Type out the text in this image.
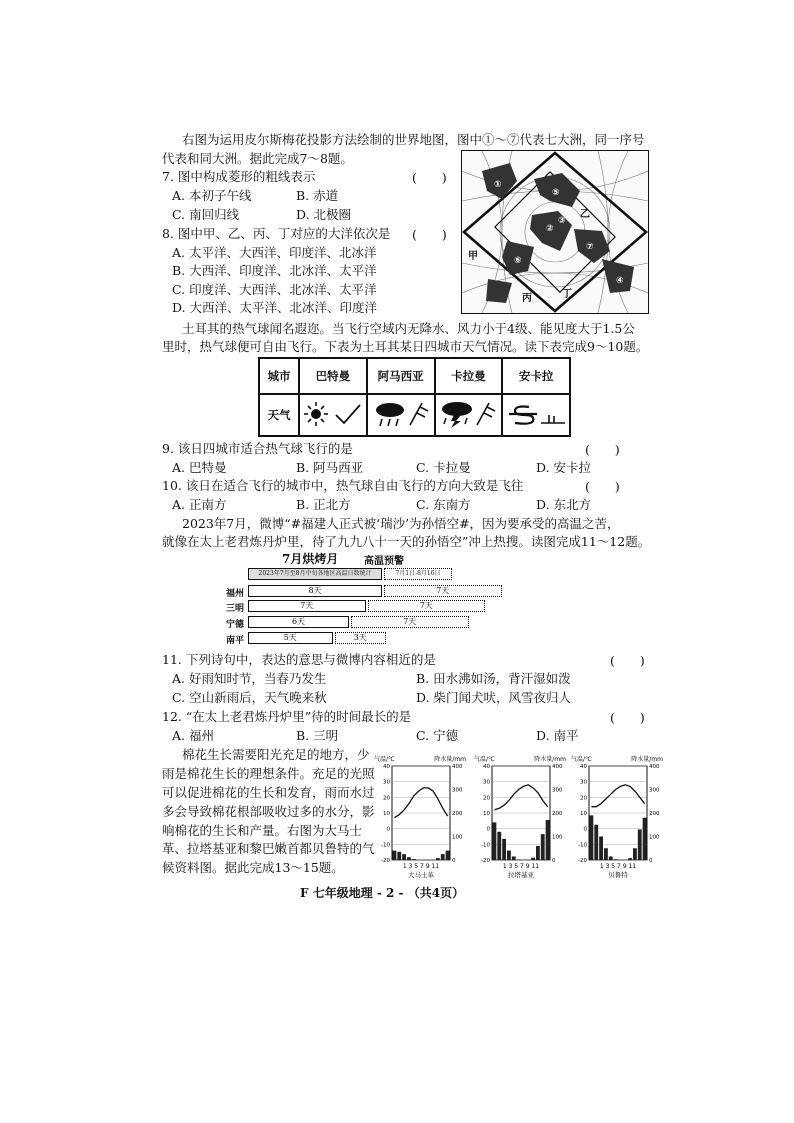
右图为运用皮尔斯梅花投影方法绘制的世界地图，图中①～⑦代表七大洲，同一序号
代表和同大洲。据此完成7～8题。
7. 图中构成菱形的粗线表示	(　　)
A. 本初子午线	B. 赤道
C. 南回归线	D. 北极圈
8. 图中甲、乙、丙、丁对应的大洋依次是 (　　)
A. 太平洋、大西洋、印度洋、北冰洋
B. 大西洋、印度洋、北冰洋、太平洋
C. 印度洋、大西洋、北冰洋、太平洋
D. 大西洋、太平洋、北冰洋、印度洋
①
⑤
②
③
⑥
⑦
④
甲
乙
丙	丁
土耳其的热气球闻名遐迩。当飞行空域内无降水、风力小于4级、能见度大于1.5公
里时，热气球便可自由飞行。下表为土耳其某日四城市天气情况。读下表完成9～10题。
城市	巴特曼	阿马西亚	卡拉曼	安卡拉
天气				
9. 该日四城市适合热气球飞行的是	(　　)
A. 巴特曼	B. 阿马西亚	C. 卡拉曼	D. 安卡拉
10. 该日在适合飞行的城市中，热气球自由飞行的方向大致是飞往	(　　)
A. 正南方	B. 正北方	C. 东南方	D. 东北方
2023年7月，微博“#福建人正式被‘瑞沙’为孙悟空#，因为要承受的高温之苦，
就像在太上老君炼丹炉里，待了九九八十一天的孙悟空”冲上热搜。读图完成11～12题。
7月烘烤月	高温预警
2023年7月至8月中旬各地区高温日数统计	7月1日-8月16日
福州
三明
宁德
南平
8天	7天
7天	7天
6天	7天
5天	3天
11. 下列诗句中，表达的意思与微博内容相近的是	(　　)
A. 好雨知时节，当春乃发生	B. 田水沸如汤，背汗湿如泼
C. 空山新雨后，天气晚来秋	D. 柴门闻犬吠，风雪夜归人
12. “在太上老君炼丹炉里”待的时间最长的是	(　　)
A. 福州	B. 三明	C. 宁德	D. 南平
棉花生长需要阳光充足的地方，少
雨是棉花生长的理想条件。充足的光照
可以促进棉花的生长和发育，雨而水过
多会导致棉花根部吸收过多的水分，影
响棉花的生长和产量。右图为大马士
革、拉塔基亚和黎巴嫩首都贝鲁特的气
候资料图。据此完成13～15题。
气温/℃	降水量/mm
40
30
20
10
0
-10
-20
400
300
200
100
0
1 3 5 7 9 11
大马士革
气温/℃	降水量/mm
40
30
20
10
0
-10
-20
400
300
200
100
0
1 3 5 7 9 11
拉塔基亚
气温/℃	降水量/mm
40
30
20
10
0
-10
-20
400
300
200
100
0
1 3 5 7 9 11
贝鲁特
F 七年级地理 - 2 - （共4页）
